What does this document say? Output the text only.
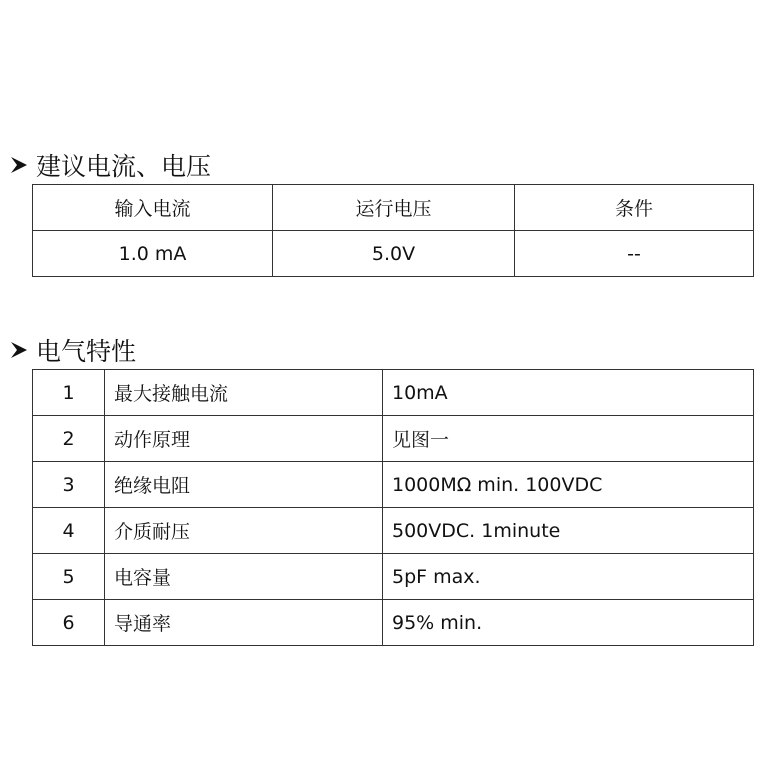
建议电流、电压
输入电流	运行电压	条件
1.0 mA	5.0V	--
电气特性
1	最大接触电流	10mA
2	动作原理	见图一
3	绝缘电阻	1000MΩ min. 100VDC
4	介质耐压	500VDC. 1minute
5	电容量	5pF max.
6	导通率	95% min.
